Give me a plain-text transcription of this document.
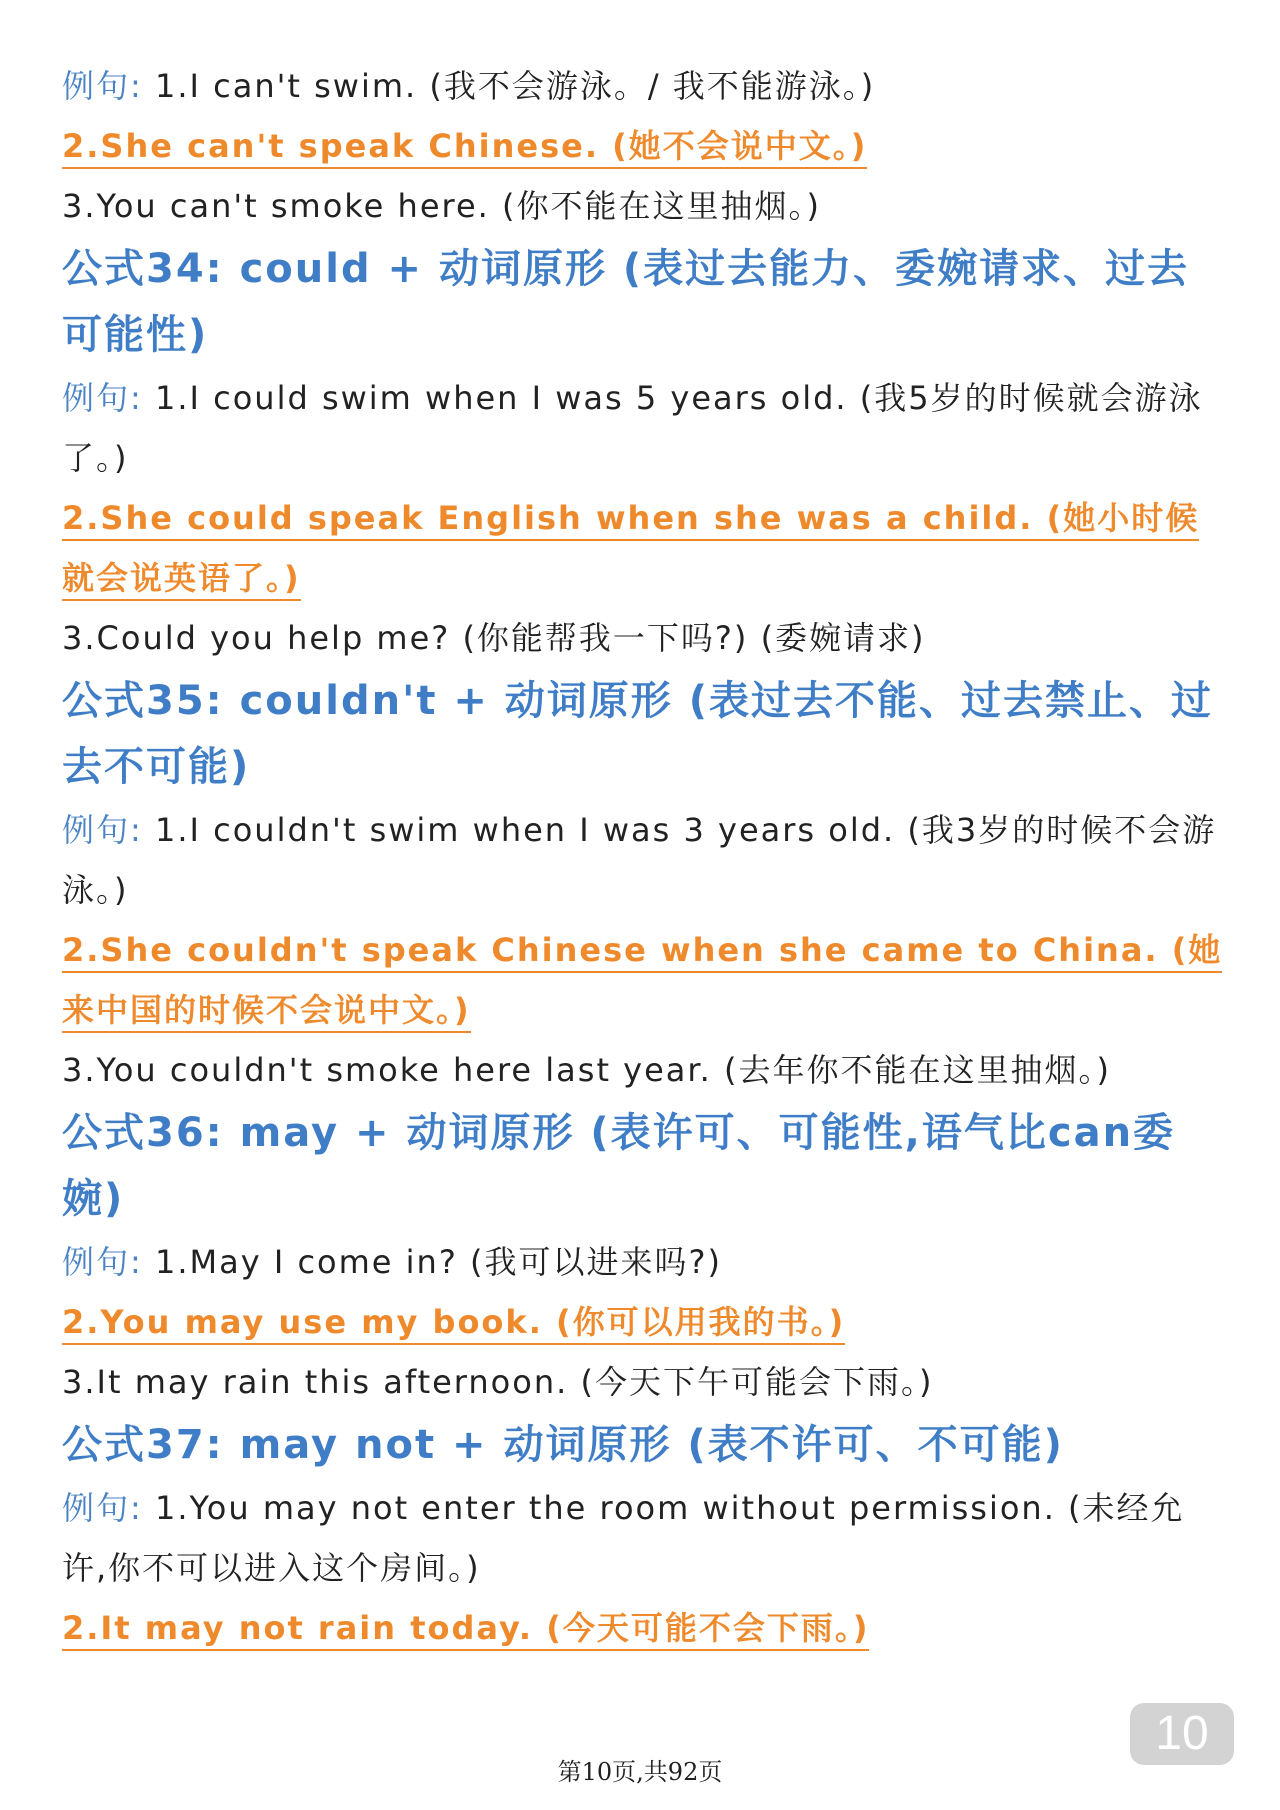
例句: 1.I can't swim. (我不会游泳。/ 我不能游泳。)
2.She can't speak Chinese. (她不会说中文。)
3.You can't smoke here. (你不能在这里抽烟。)
公式34: could + 动词原形 (表过去能力、委婉请求、过去可能性)
例句: 1.I could swim when I was 5 years old. (我5岁的时候就会游泳了。)
2.She could speak English when she was a child. (她小时候就会说英语了。)
3.Could you help me? (你能帮我一下吗?) (委婉请求)
公式35: couldn't + 动词原形 (表过去不能、过去禁止、过去不可能)
例句: 1.I couldn't swim when I was 3 years old. (我3岁的时候不会游泳。)
2.She couldn't speak Chinese when she came to China. (她来中国的时候不会说中文。)
3.You couldn't smoke here last year. (去年你不能在这里抽烟。)
公式36: may + 动词原形 (表许可、可能性,语气比can委婉)
例句: 1.May I come in? (我可以进来吗?)
2.You may use my book. (你可以用我的书。)
3.It may rain this afternoon. (今天下午可能会下雨。)
公式37: may not + 动词原形 (表不许可、不可能)
例句: 1.You may not enter the room without permission. (未经允许,你不可以进入这个房间。)
2.It may not rain today. (今天可能不会下雨。)
第10页,共92页
10
